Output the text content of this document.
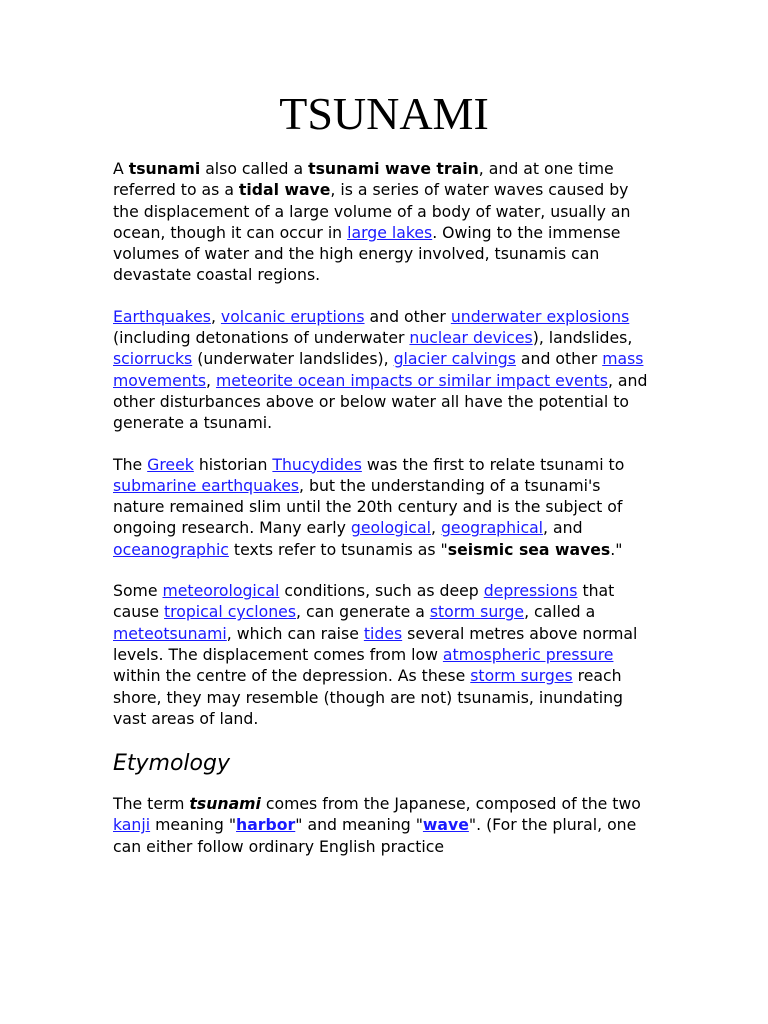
TSUNAMI

A tsunami also called a tsunami wave train, and at one time referred to as a tidal wave, is a series of water waves caused by the displacement of a large volume of a body of water, usually an ocean, though it can occur in large lakes. Owing to the immense volumes of water and the high energy involved, tsunamis can devastate coastal regions.

Earthquakes, volcanic eruptions and other underwater explosions (including detonations of underwater nuclear devices), landslides, sciorrucks (underwater landslides), glacier calvings and other mass movements, meteorite ocean impacts or similar impact events, and other disturbances above or below water all have the potential to generate a tsunami.

The Greek historian Thucydides was the first to relate tsunami to submarine earthquakes, but the understanding of a tsunami's nature remained slim until the 20th century and is the subject of ongoing research. Many early geological, geographical, and oceanographic texts refer to tsunamis as "seismic sea waves."

Some meteorological conditions, such as deep depressions that cause tropical cyclones, can generate a storm surge, called a meteotsunami, which can raise tides several metres above normal levels. The displacement comes from low atmospheric pressure within the centre of the depression. As these storm surges reach shore, they may resemble (though are not) tsunamis, inundating vast areas of land.

Etymology

The term tsunami comes from the Japanese, composed of the two kanji meaning "harbor" and meaning "wave". (For the plural, one can either follow ordinary English practice
